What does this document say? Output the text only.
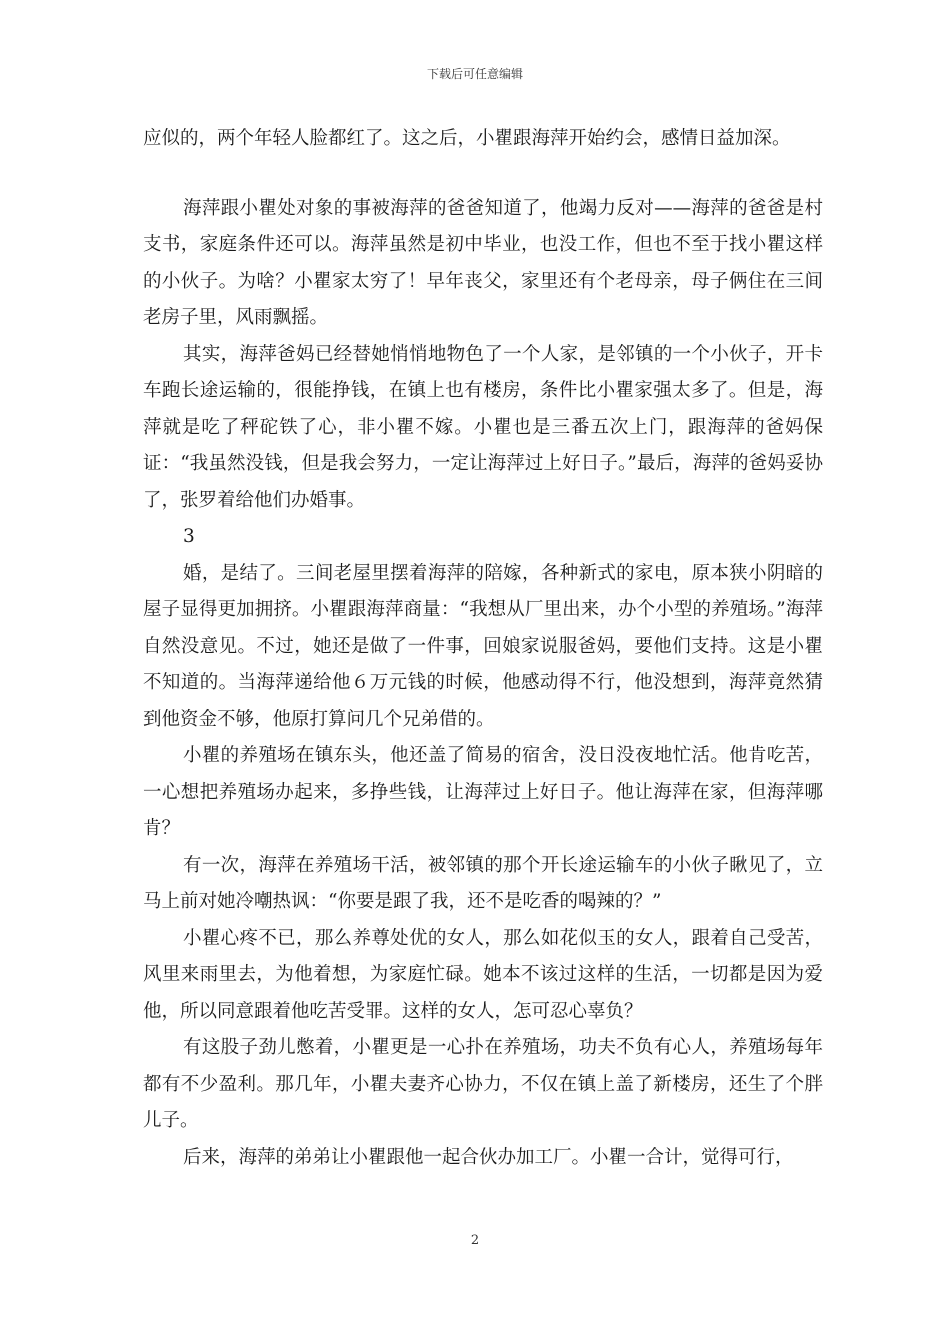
下载后可任意编辑

应似的，两个年轻人脸都红了。这之后，小瞿跟海萍开始约会，感情日益加深。

海萍跟小瞿处对象的事被海萍的爸爸知道了，他竭力反对——海萍的爸爸是村支书，家庭条件还可以。海萍虽然是初中毕业，也没工作，但也不至于找小瞿这样的小伙子。为啥？小瞿家太穷了！早年丧父，家里还有个老母亲，母子俩住在三间老房子里，风雨飘摇。

其实，海萍爸妈已经替她悄悄地物色了一个人家，是邻镇的一个小伙子，开卡车跑长途运输的，很能挣钱，在镇上也有楼房，条件比小瞿家强太多了。但是，海萍就是吃了秤砣铁了心，非小瞿不嫁。小瞿也是三番五次上门，跟海萍的爸妈保证：“我虽然没钱，但是我会努力，一定让海萍过上好日子。”最后，海萍的爸妈妥协了，张罗着给他们办婚事。

3

婚，是结了。三间老屋里摆着海萍的陪嫁，各种新式的家电，原本狭小阴暗的屋子显得更加拥挤。小瞿跟海萍商量：“我想从厂里出来，办个小型的养殖场。”海萍自然没意见。不过，她还是做了一件事，回娘家说服爸妈，要他们支持。这是小瞿不知道的。当海萍递给他６万元钱的时候，他感动得不行，他没想到，海萍竟然猜到他资金不够，他原打算问几个兄弟借的。

小瞿的养殖场在镇东头，他还盖了简易的宿舍，没日没夜地忙活。他肯吃苦，一心想把养殖场办起来，多挣些钱，让海萍过上好日子。他让海萍在家，但海萍哪肯？

有一次，海萍在养殖场干活，被邻镇的那个开长途运输车的小伙子瞅见了，立马上前对她冷嘲热讽：“你要是跟了我，还不是吃香的喝辣的？”

小瞿心疼不已，那么养尊处优的女人，那么如花似玉的女人，跟着自己受苦，风里来雨里去，为他着想，为家庭忙碌。她本不该过这样的生活，一切都是因为爱他，所以同意跟着他吃苦受罪。这样的女人，怎可忍心辜负？

有这股子劲儿憋着，小瞿更是一心扑在养殖场，功夫不负有心人，养殖场每年都有不少盈利。那几年，小瞿夫妻齐心协力，不仅在镇上盖了新楼房，还生了个胖儿子。

后来，海萍的弟弟让小瞿跟他一起合伙办加工厂。小瞿一合计，觉得可行，

2
